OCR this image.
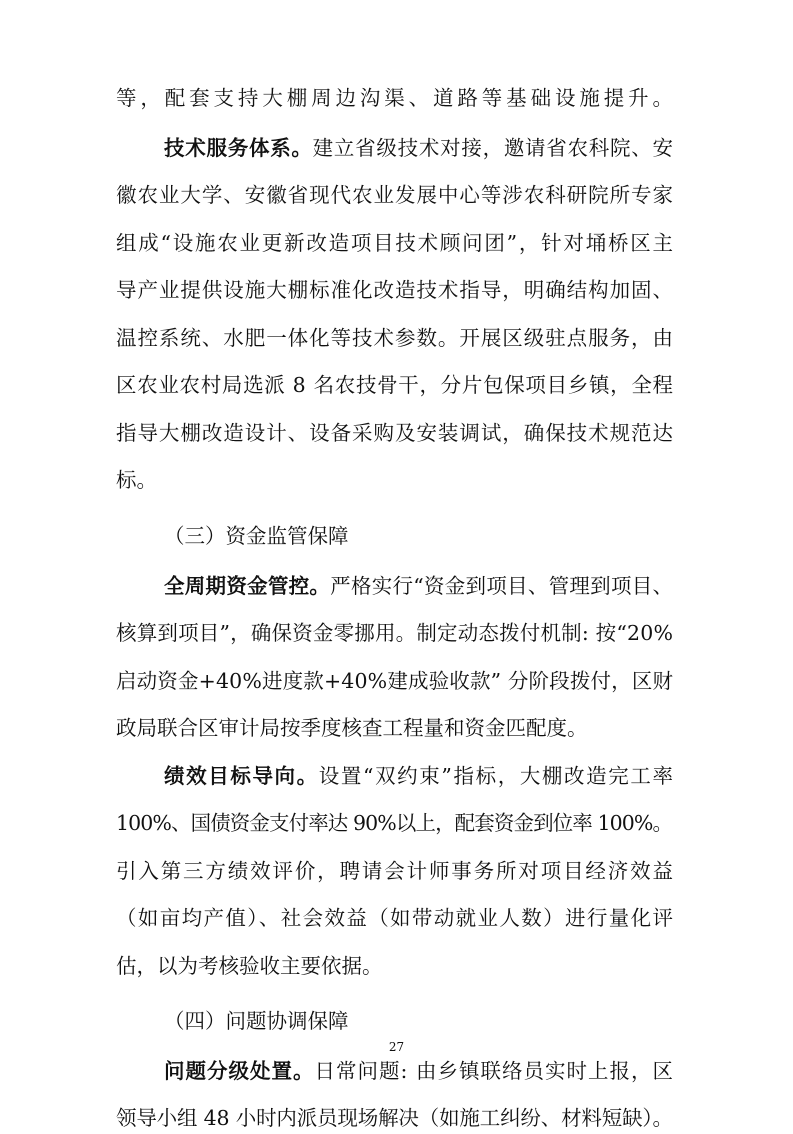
等，配套支持大棚周边沟渠、道路等基础设施提升。
技术服务体系。 建立省级技术对接，邀请省农科院、安
徽农业大学、安徽省现代农业发展中心等涉农科研院所专家
组成“设施农业更新改造项目技术顾问团”，针对埇桥区主
导产业提供设施大棚标准化改造技术指导，明确结构加固、
温控系统、水肥一体化等技术参数。开展区级驻点服务，由
区农业农村局选派 8 名农技骨干，分片包保项目乡镇，全程
指导大棚改造设计、设备采购及安装调试，确保技术规范达
标。
（三）资金监管保障
全周期资金管控。 严格实行“资金到项目、管理到项目、
核算到项目”，确保资金零挪用。制定动态拨付机制: 按“20%
启动资金+40%进度款+40%建成验收款” 分阶段拨付，区财
政局联合区审计局按季度核查工程量和资金匹配度。
绩效目标导向。 设置“双约束”指标，大棚改造完工率
100%、国债资金支付率达 90%以上，配套资金到位率 100%。
引入第三方绩效评价，聘请会计师事务所对项目经济效益
（如亩均产值）、社会效益（如带动就业人数）进行量化评
估，以为考核验收主要依据。
（四）问题协调保障
问题分级处置。 日常问题: 由乡镇联络员实时上报，区
领导小组 48 小时内派员现场解决（如施工纠纷、材料短缺）。
27
